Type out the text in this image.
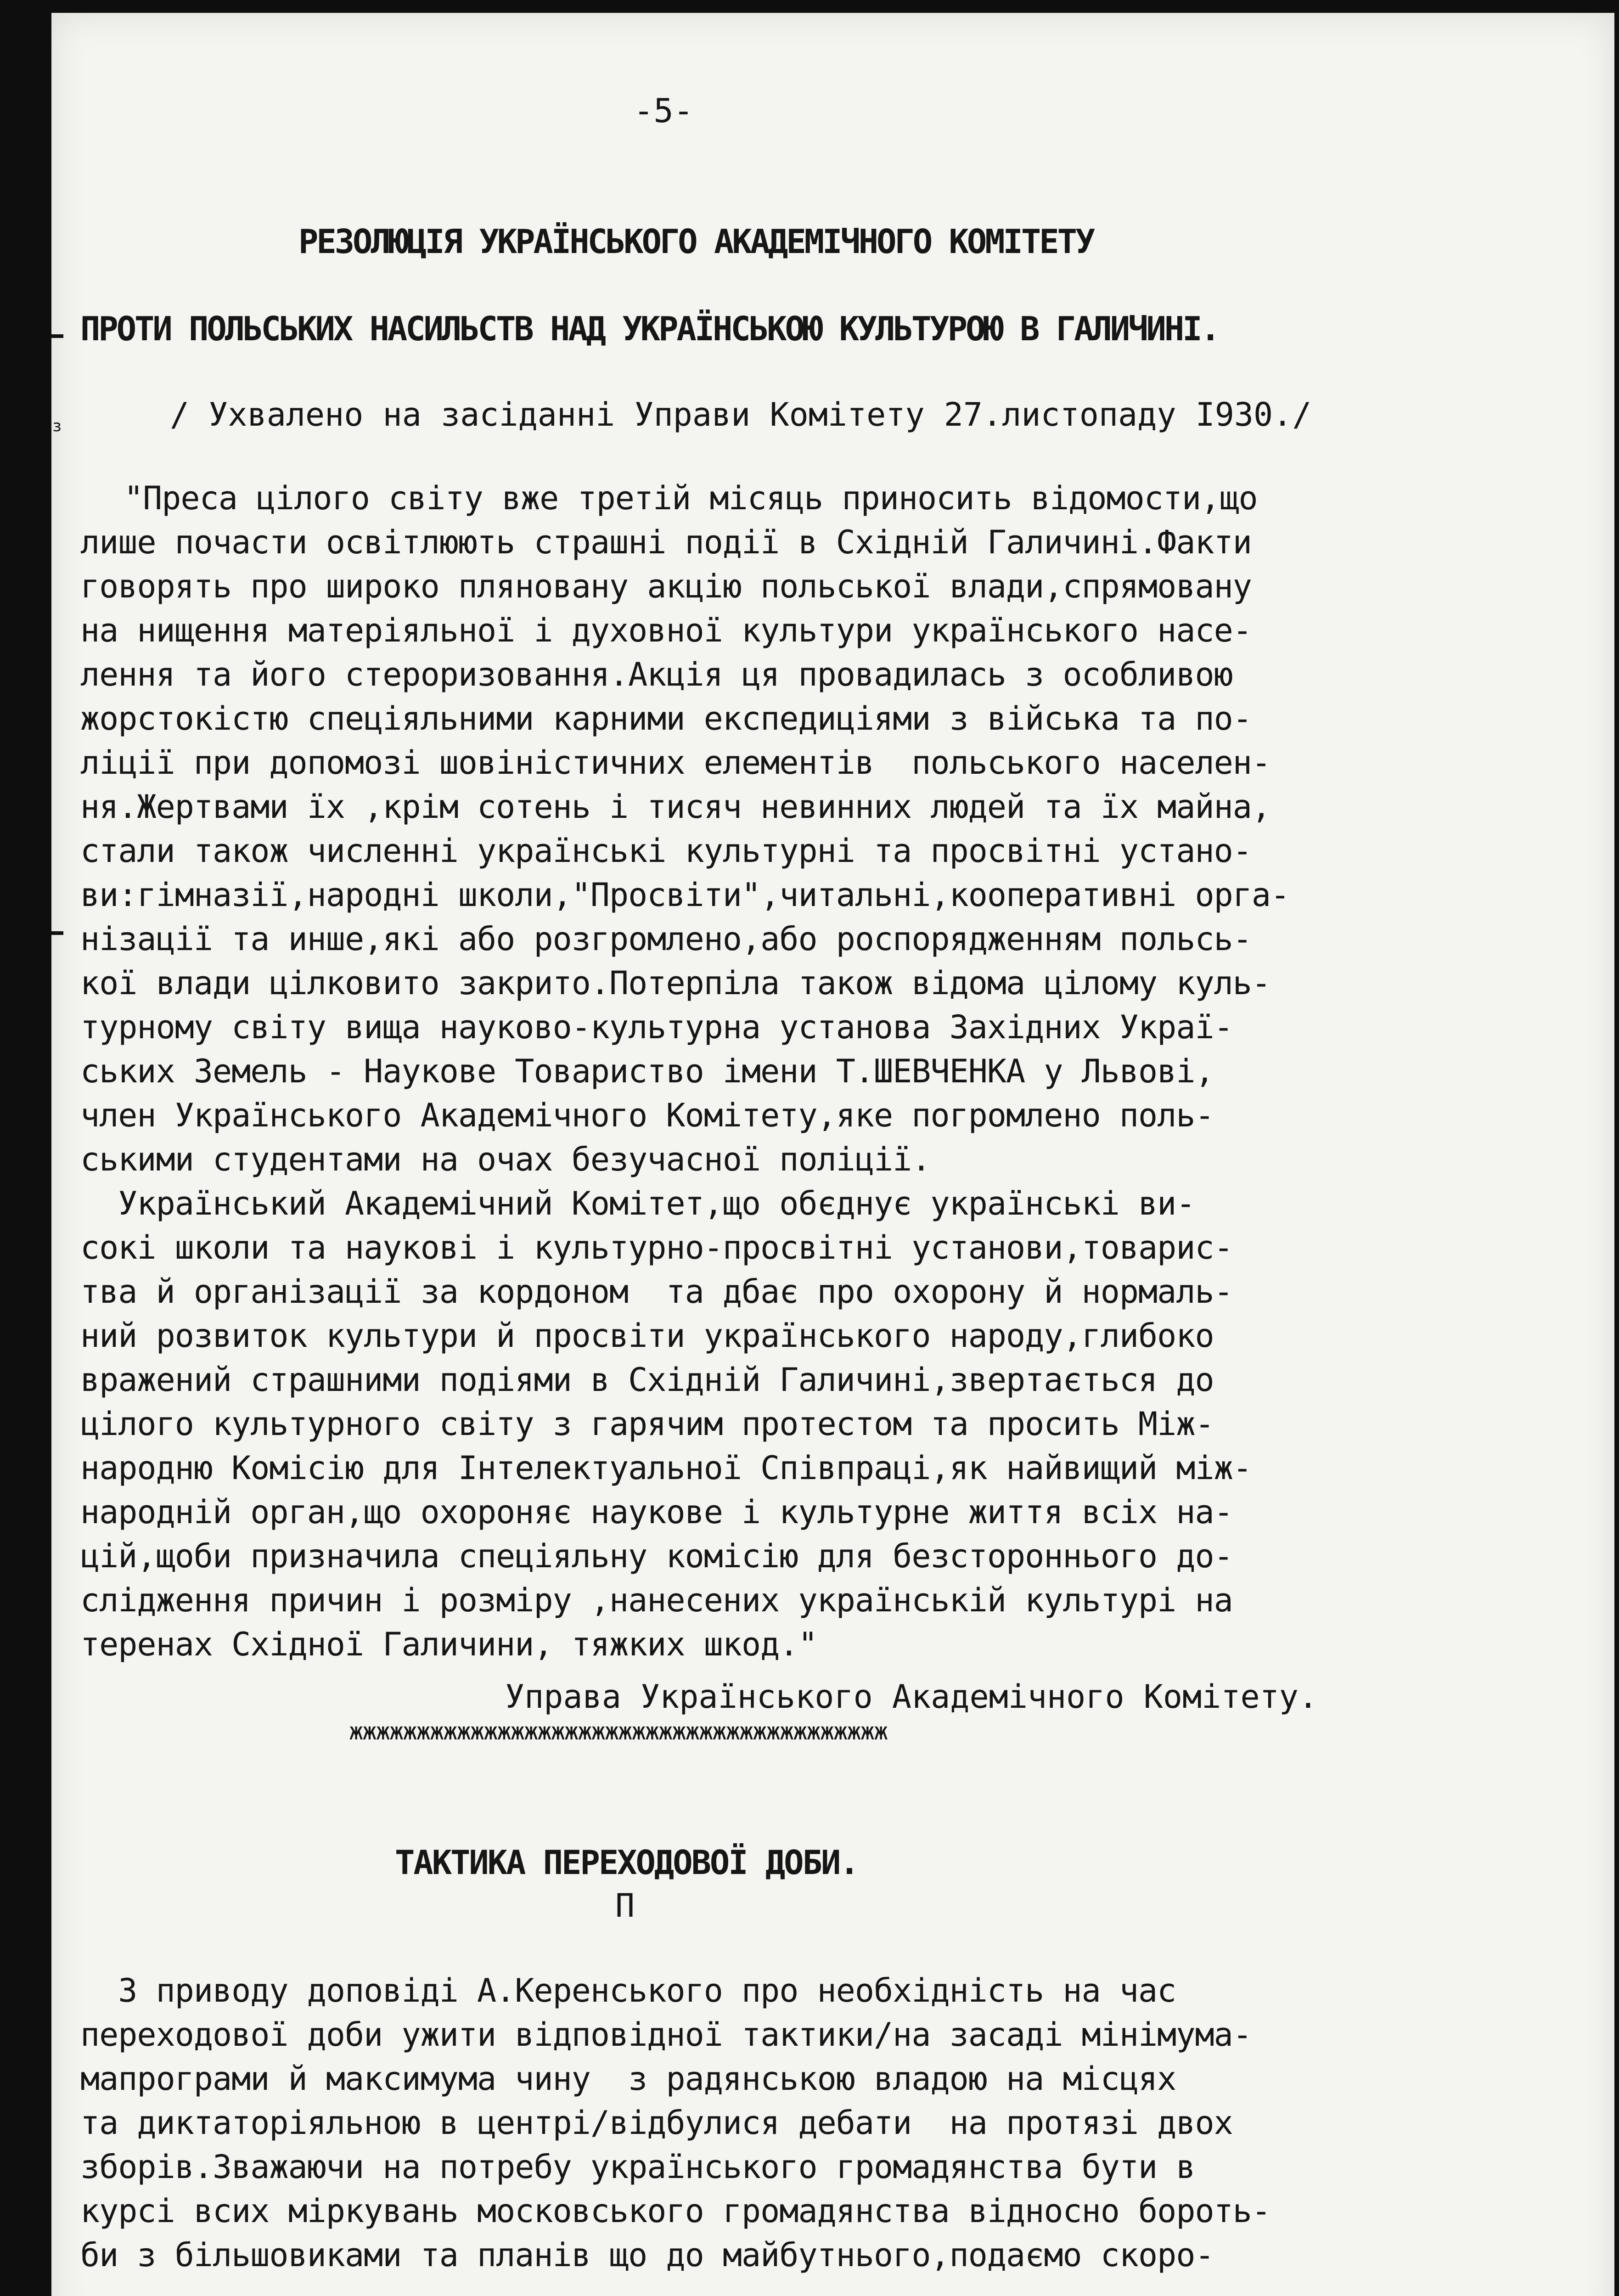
з
-5-
РЕЗОЛЮЦІЯ УКРАЇНСЬКОГО АКАДЕМІЧНОГО КОМІТЕТУ
ПРОТИ ПОЛЬСЬКИХ НАСИЛЬСТВ НАД УКРАЇНСЬКОЮ КУЛЬТУРОЮ В ГАЛИЧИНІ.
/ Ухвалено на засіданні Управи Комітету 27.листопаду І930./
"Преса цілого світу вже третій місяць приносить відомости,що
лише почасти освітлюють страшні події в Східній Галичині.Факти
говорять про широко пляновану акцію польської влади,спрямовану
на нищення матеріяльної і духовної культури українського насе-
лення та його стероризовання.Акція ця провадилась з особливою
жорстокістю спеціяльними карними експедиціями з війська та по-
ліції при допомозі шовіністичних елементів  польського населен-
ня.Жертвами їх ,крім сотень і тисяч невинних людей та їх майна,
стали також численні українські культурні та просвітні устано-
ви:гімназії,народні школи,"Просвіти",читальні,кооперативні орга-
нізації та инше,які або розгромлено,або роспорядженням польсь-
кої влади цілковито закрито.Потерпіла також відома цілому куль-
турному світу вища науково-культурна установа Західних Украї-
ських Земель - Наукове Товариство імени Т.ШЕВЧЕНКА у Львові,
член Українського Академічного Комітету,яке погромлено поль-
ськими студентами на очах безучасної поліції.
Український Академічний Комітет,що обєднує українські ви-
сокі школи та наукові і культурно-просвітні установи,товарис-
тва й організації за кордоном  та дбає про охорону й нормаль-
ний розвиток культури й просвіти українського народу,глибоко
вражений страшними подіями в Східній Галичині,звертається до
цілого культурного світу з гарячим протестом та просить Між-
народню Комісію для Інтелектуальної Співпраці,як найвищий між-
народній орган,що охороняє наукове і культурне життя всіх на-
цій,щоби призначила спеціяльну комісію для безстороннього до-
слідження причин і розміру ,нанесених українській культурі на
теренах Східної Галичини, тяжких шкод."
Управа Українського Академічного Комітету.
жжжжжжжжжжжжжжжжжжжжжжжжжжжжжжжжжжжжжжжж
ТАКТИКА ПЕРЕХОДОВОЇ ДОБИ.
П
З приводу доповіді А.Керенського про необхідність на час
переходової доби ужити відповідної тактики/на засаді мінімума-
мапрограми й максимума чину  з радянською владою на місцях
та диктаторіяльною в центрі/відбулися дебати  на протязі двох
зборів.Зважаючи на потребу українського громадянства бути в
курсі всих міркувань московського громадянства відносно бороть-
би з більшовиками та планів що до майбутнього,подаємо скоро-
